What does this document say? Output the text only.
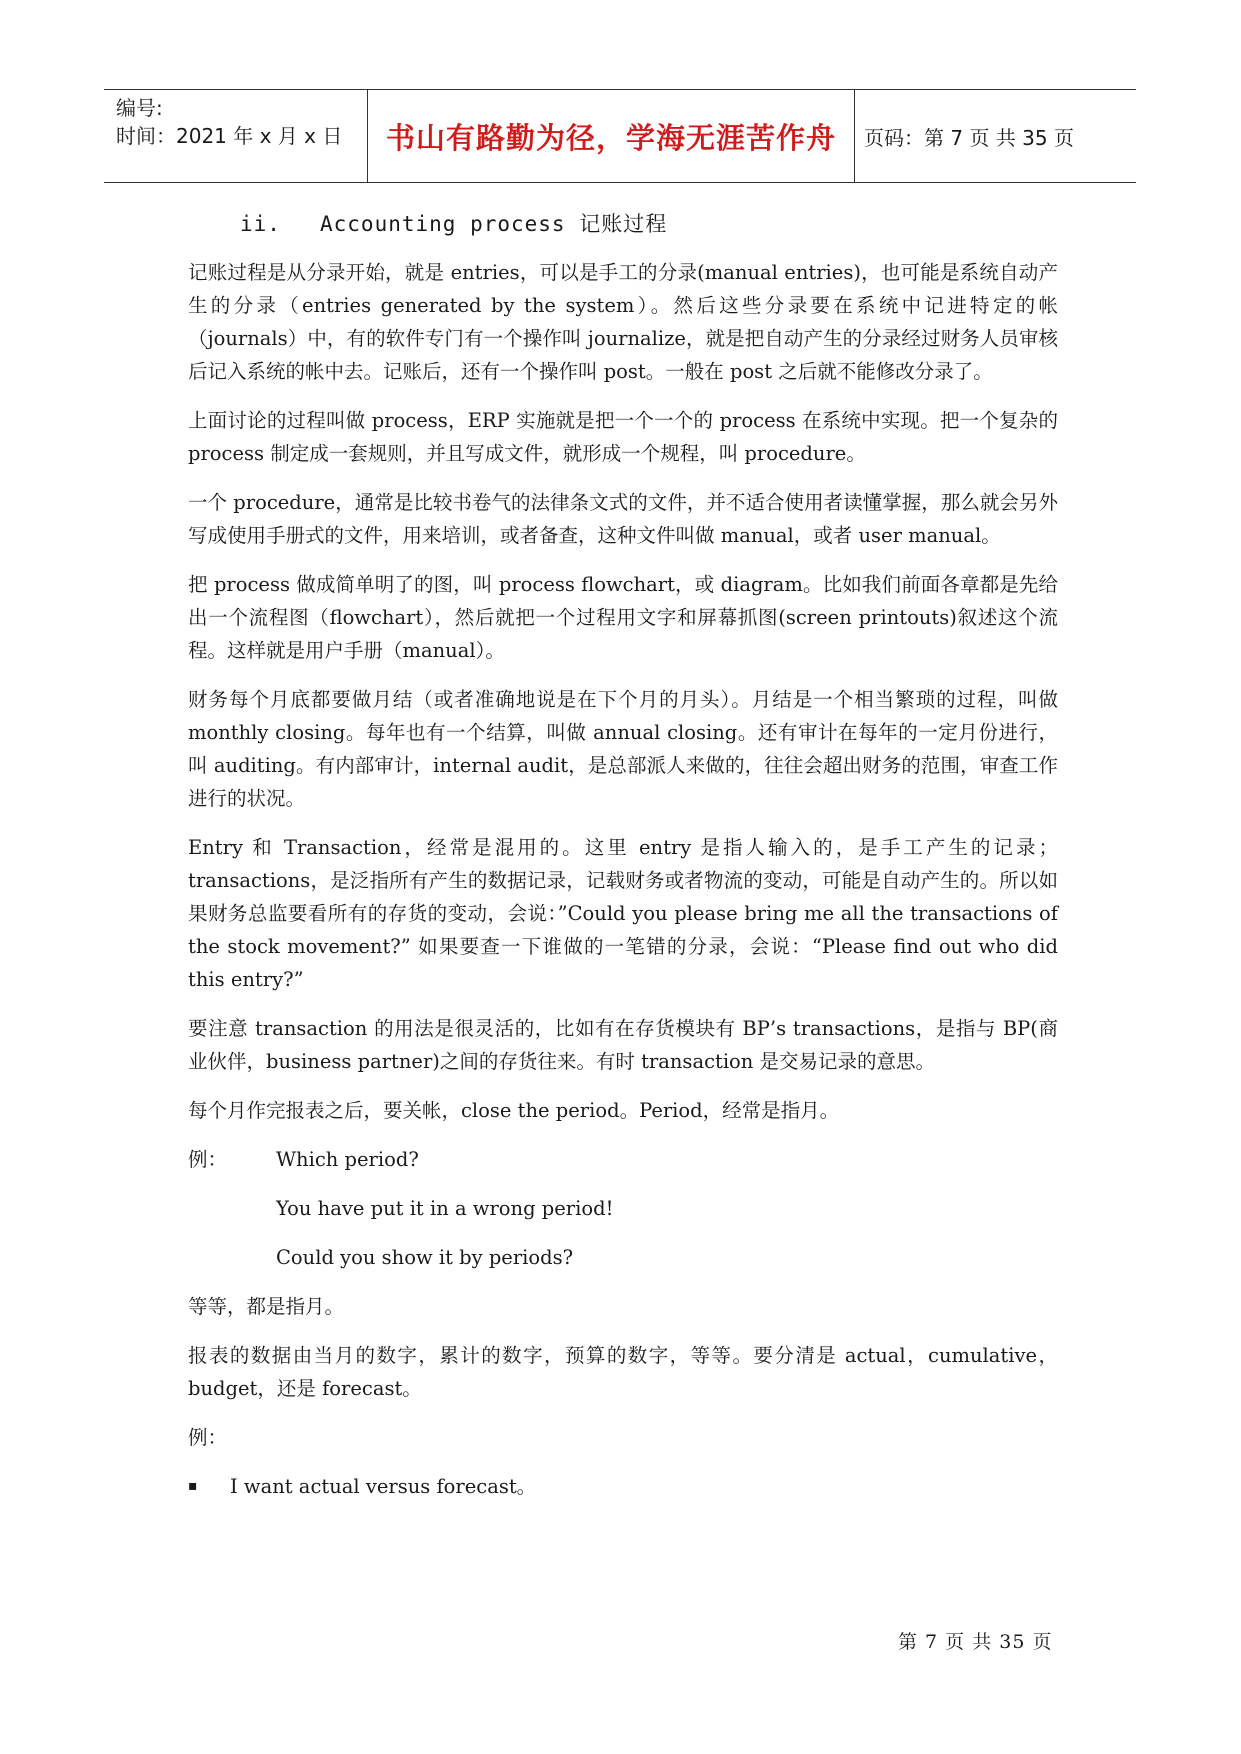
编号:
时间：2021 年 x 月 x 日 书山有路勤为径，学海无涯苦作舟 页码：第 7 页 共 35 页
ii. Accounting process 记账过程

记账过程是从分录开始，就是 entries，可以是手工的分录(manual entries)，也可能是系统自动产生的分录（entries generated by the system）。然后这些分录要在系统中记进特定的帐（journals）中，有的软件专门有一个操作叫 journalize，就是把自动产生的分录经过财务人员审核后记入系统的帐中去。记账后，还有一个操作叫 post。一般在 post 之后就不能修改分录了。

上面讨论的过程叫做 process，ERP 实施就是把一个一个的 process 在系统中实现。把一个复杂的 process 制定成一套规则，并且写成文件，就形成一个规程，叫 procedure。

一个 procedure，通常是比较书卷气的法律条文式的文件，并不适合使用者读懂掌握，那么就会另外写成使用手册式的文件，用来培训，或者备查，这种文件叫做 manual，或者 user manual。

把 process 做成简单明了的图，叫 process flowchart，或 diagram。比如我们前面各章都是先给出一个流程图（flowchart），然后就把一个过程用文字和屏幕抓图(screen printouts)叙述这个流程。这样就是用户手册（manual）。

财务每个月底都要做月结（或者准确地说是在下个月的月头）。月结是一个相当繁琐的过程，叫做 monthly closing。每年也有一个结算，叫做 annual closing。还有审计在每年的一定月份进行，叫 auditing。有内部审计，internal audit，是总部派人来做的，往往会超出财务的范围，审查工作进行的状况。

Entry 和 Transaction，经常是混用的。这里 entry 是指人输入的，是手工产生的记录；transactions，是泛指所有产生的数据记录，记载财务或者物流的变动，可能是自动产生的。所以如果财务总监要看所有的存货的变动，会说：”Could you please bring me all the transactions of the stock movement?” 如果要查一下谁做的一笔错的分录，会说：“Please find out who did this entry?”

要注意 transaction 的用法是很灵活的，比如有在存货模块有 BP’s transactions，是指与 BP(商业伙伴，business partner)之间的存货往来。有时 transaction 是交易记录的意思。

每个月作完报表之后，要关帐，close the period。Period，经常是指月。

例：	Which period?
You have put it in a wrong period!
Could you show it by periods?

等等，都是指月。

报表的数据由当月的数字，累计的数字，预算的数字，等等。要分清是 actual，cumulative，budget，还是 forecast。

例：

▪	I want actual versus forecast。
第 7 页 共 35 页
